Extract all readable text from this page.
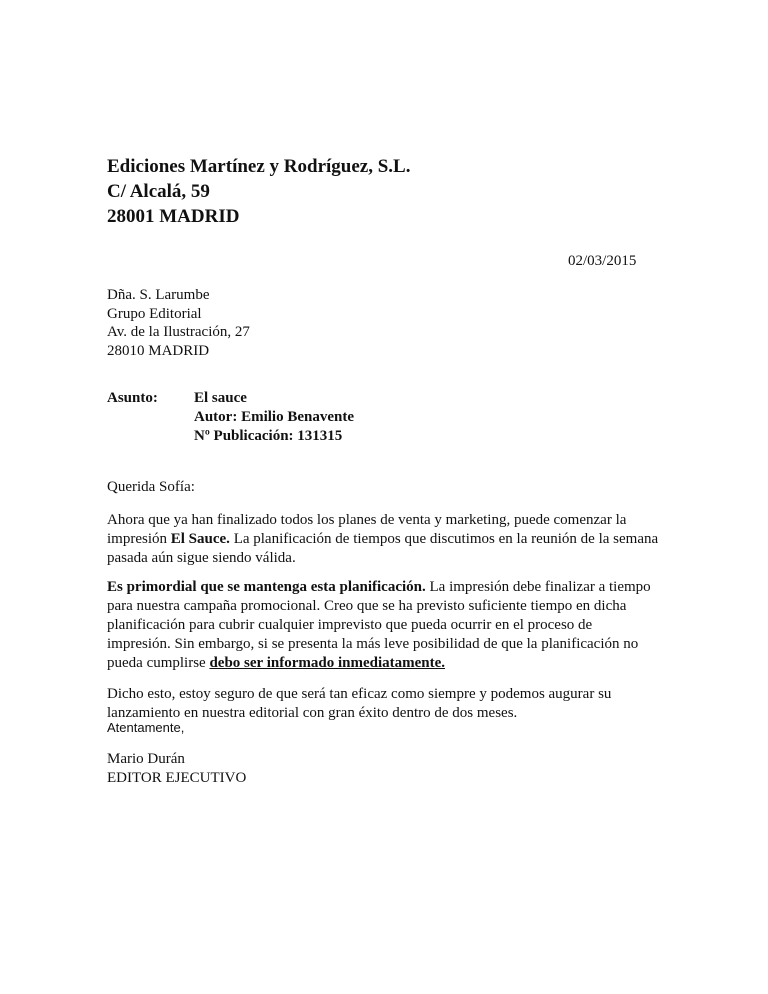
Ediciones Martínez y Rodríguez, S.L.
C/ Alcalá, 59
28001 MADRID
02/03/2015
Dña. S. Larumbe
Grupo Editorial
Av. de la Ilustración, 27
28010 MADRID
Asunto: El sauce
Autor: Emilio Benavente
Nº Publicación: 131315
Querida Sofía:
Ahora que ya han finalizado todos los planes de venta y marketing, puede comenzar la
impresión El Sauce. La planificación de tiempos que discutimos en la reunión de la semana
pasada aún sigue siendo válida.
Es primordial que se mantenga esta planificación. La impresión debe finalizar a tiempo
para nuestra campaña promocional. Creo que se ha previsto suficiente tiempo en dicha
planificación para cubrir cualquier imprevisto que pueda ocurrir en el proceso de
impresión. Sin embargo, si se presenta la más leve posibilidad de que la planificación no
pueda cumplirse debo ser informado inmediatamente.
Dicho esto, estoy seguro de que será tan eficaz como siempre y podemos augurar su
lanzamiento en nuestra editorial con gran éxito dentro de dos meses.
Atentamente,
Mario Durán
EDITOR EJECUTIVO
